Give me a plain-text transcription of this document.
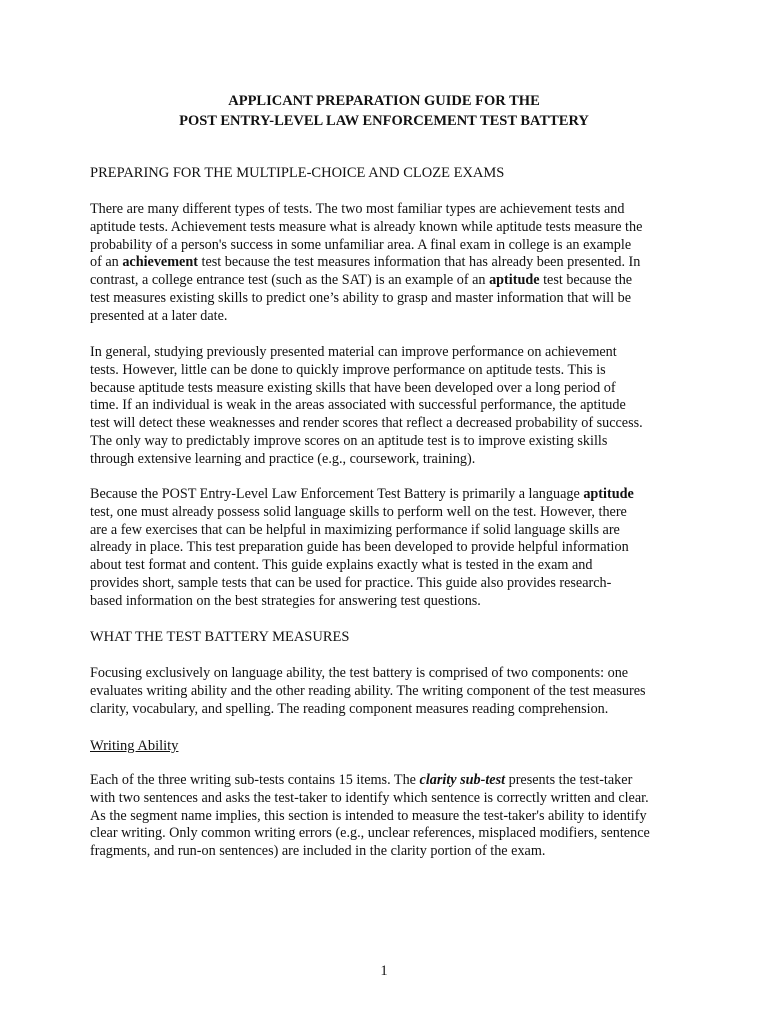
APPLICANT PREPARATION GUIDE FOR THE

POST ENTRY-LEVEL LAW ENFORCEMENT TEST BATTERY

PREPARING FOR THE MULTIPLE-CHOICE AND CLOZE EXAMS

There are many different types of tests. The two most familiar types are achievement tests and
aptitude tests. Achievement tests measure what is already known while aptitude tests measure the
probability of a person's success in some unfamiliar area. A final exam in college is an example
of an achievement test because the test measures information that has already been presented. In
contrast, a college entrance test (such as the SAT) is an example of an aptitude test because the
test measures existing skills to predict one’s ability to grasp and master information that will be
presented at a later date.
In general, studying previously presented material can improve performance on achievement
tests. However, little can be done to quickly improve performance on aptitude tests. This is
because aptitude tests measure existing skills that have been developed over a long period of
time. If an individual is weak in the areas associated with successful performance, the aptitude
test will detect these weaknesses and render scores that reflect a decreased probability of success.
The only way to predictably improve scores on an aptitude test is to improve existing skills
through extensive learning and practice (e.g., coursework, training).
Because the POST Entry-Level Law Enforcement Test Battery is primarily a language aptitude
test, one must already possess solid language skills to perform well on the test. However, there
are a few exercises that can be helpful in maximizing performance if solid language skills are
already in place. This test preparation guide has been developed to provide helpful information
about test format and content. This guide explains exactly what is tested in the exam and
provides short, sample tests that can be used for practice. This guide also provides research-
based information on the best strategies for answering test questions.

WHAT THE TEST BATTERY MEASURES

Focusing exclusively on language ability, the test battery is comprised of two components: one
evaluates writing ability and the other reading ability. The writing component of the test measures
clarity, vocabulary, and spelling. The reading component measures reading comprehension.

Writing Ability

Each of the three writing sub-tests contains 15 items. The clarity sub-test presents the test-taker
with two sentences and asks the test-taker to identify which sentence is correctly written and clear.
As the segment name implies, this section is intended to measure the test-taker's ability to identify
clear writing. Only common writing errors (e.g., unclear references, misplaced modifiers, sentence
fragments, and run-on sentences) are included in the clarity portion of the exam.
1
